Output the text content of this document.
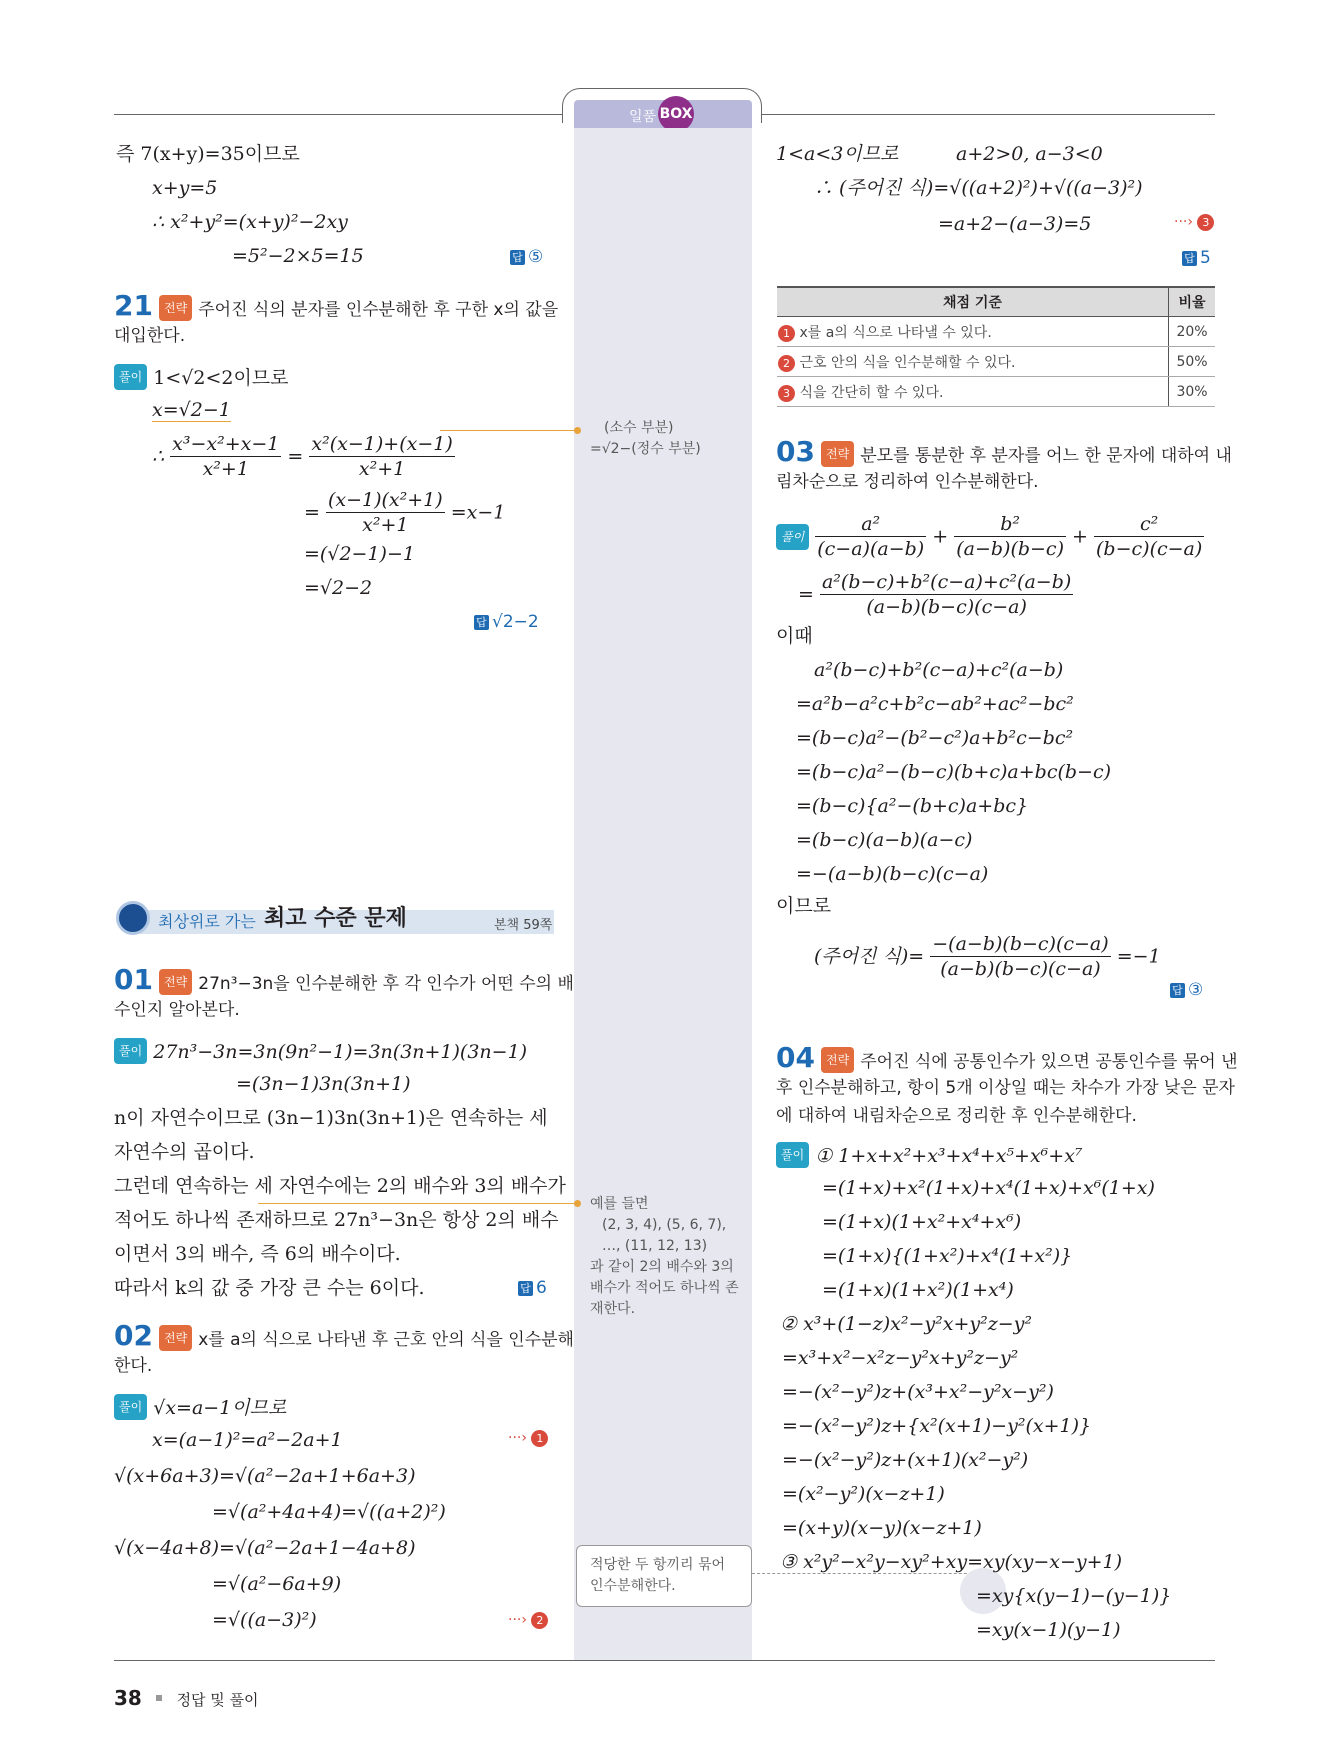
일품 BOX
(소수 부분)
=√2−(정수 부분)
예를 들면
(2, 3, 4), (5, 6, 7),
…, (11, 12, 13)
과 같이 2의 배수와 3의
배수가 적어도 하나씩 존
재한다.
적당한 두 항끼리 묶어
인수분해한다.
즉 7(x+y)=35이므로
x+y=5
∴ x²+y²=(x+y)²−2xy
=5²−2×5=15	답 ⑤
21 전략 주어진 식의 분자를 인수분해한 후 구한 x의 값을
대입한다.
풀이 1<√2<2이므로
x=√2−1
∴ $\frac{\text{x³−x²+x−1}}{\text{x²+1}} = \frac{\text{x²(x−1)+(x−1)}}{\text{x²+1}}$
= $\frac{\text{(x−1)(x²+1)}}{\text{x²+1}} =x-1$
=(√2−1)−1
=√2−2
답 √2−2
최상위로 가는 최고 수준 문제	본책 59쪽
01 전략 27n³−3n을 인수분해한 후 각 인수가 어떤 수의 배
수인지 알아본다.
풀이 27n³−3n=3n(9n²−1)=3n(3n+1)(3n−1)
=(3n−1)3n(3n+1)
n이 자연수이므로 (3n−1)3n(3n+1)은 연속하는 세
자연수의 곱이다.
그런데 연속하는 세 자연수에는 2의 배수와 3의 배수가
적어도 하나씩 존재하므로 27n³−3n은 항상 2의 배수
이면서 3의 배수, 즉 6의 배수이다.
따라서 k의 값 중 가장 큰 수는 6이다.	답 6
02 전략 x를 a의 식으로 나타낸 후 근호 안의 식을 인수분해
한다.
풀이 √x=a−1이므로
x=(a−1)²=a²−2a+1	···› 1
√(x+6a+3)=√(a²−2a+1+6a+3)
=√(a²+4a+4)=√((a+2)²)
√(x−4a+8)=√(a²−2a+1−4a+8)
=√(a²−6a+9)
=√((a−3)²)	···› 2
1<a<3이므로	a+2>0, a−3<0
∴ (주어진 식)=√((a+2)²)+√((a−3)²)
=a+2−(a−3)=5	···› 3
답 5
채점 기준	비율
1 x를 a의 식으로 나타낼 수 있다.	20%
2 근호 안의 식을 인수분해할 수 있다.	50%
3 식을 간단히 할 수 있다.	30%
03 전략 분모를 통분한 후 분자를 어느 한 문자에 대하여 내
림차순으로 정리하여 인수분해한다.
풀이 $\frac{\text{a²}}{(c-a)(a-b)} + \frac{\text{b²}}{(a-b)(b-c)} + \frac{\text{c²}}{(b-c)(c-a)}$
= $\frac{\text{a²(b−c)+b²(c−a)+c²(a−b)}}{(a-b)(b-c)(c-a)}$
이때
a²(b−c)+b²(c−a)+c²(a−b)
=a²b−a²c+b²c−ab²+ac²−bc²
=(b−c)a²−(b²−c²)a+b²c−bc²
=(b−c)a²−(b−c)(b+c)a+bc(b−c)
=(b−c){a²−(b+c)a+bc}
=(b−c)(a−b)(a−c)
=−(a−b)(b−c)(c−a)
이므로
(주어진 식)= $\frac{-(a-b)(b-c)(c-a)}{(a-b)(b-c)(c-a)} =-1$
답 ③
04 전략 주어진 식에 공통인수가 있으면 공통인수를 묶어 낸
후 인수분해하고, 항이 5개 이상일 때는 차수가 가장 낮은 문자
에 대하여 내림차순으로 정리한 후 인수분해한다.
풀이 ① 1+x+x²+x³+x⁴+x⁵+x⁶+x⁷
=(1+x)+x²(1+x)+x⁴(1+x)+x⁶(1+x)
=(1+x)(1+x²+x⁴+x⁶)
=(1+x){(1+x²)+x⁴(1+x²)}
=(1+x)(1+x²)(1+x⁴)
② x³+(1−z)x²−y²x+y²z−y²
=x³+x²−x²z−y²x+y²z−y²
=−(x²−y²)z+(x³+x²−y²x−y²)
=−(x²−y²)z+{x²(x+1)−y²(x+1)}
=−(x²−y²)z+(x+1)(x²−y²)
=(x²−y²)(x−z+1)
=(x+y)(x−y)(x−z+1)
③ x²y²−x²y−xy²+xy=xy(xy−x−y+1)
=xy{x(y−1)−(y−1)}
=xy(x−1)(y−1)
38 정답 및 풀이
